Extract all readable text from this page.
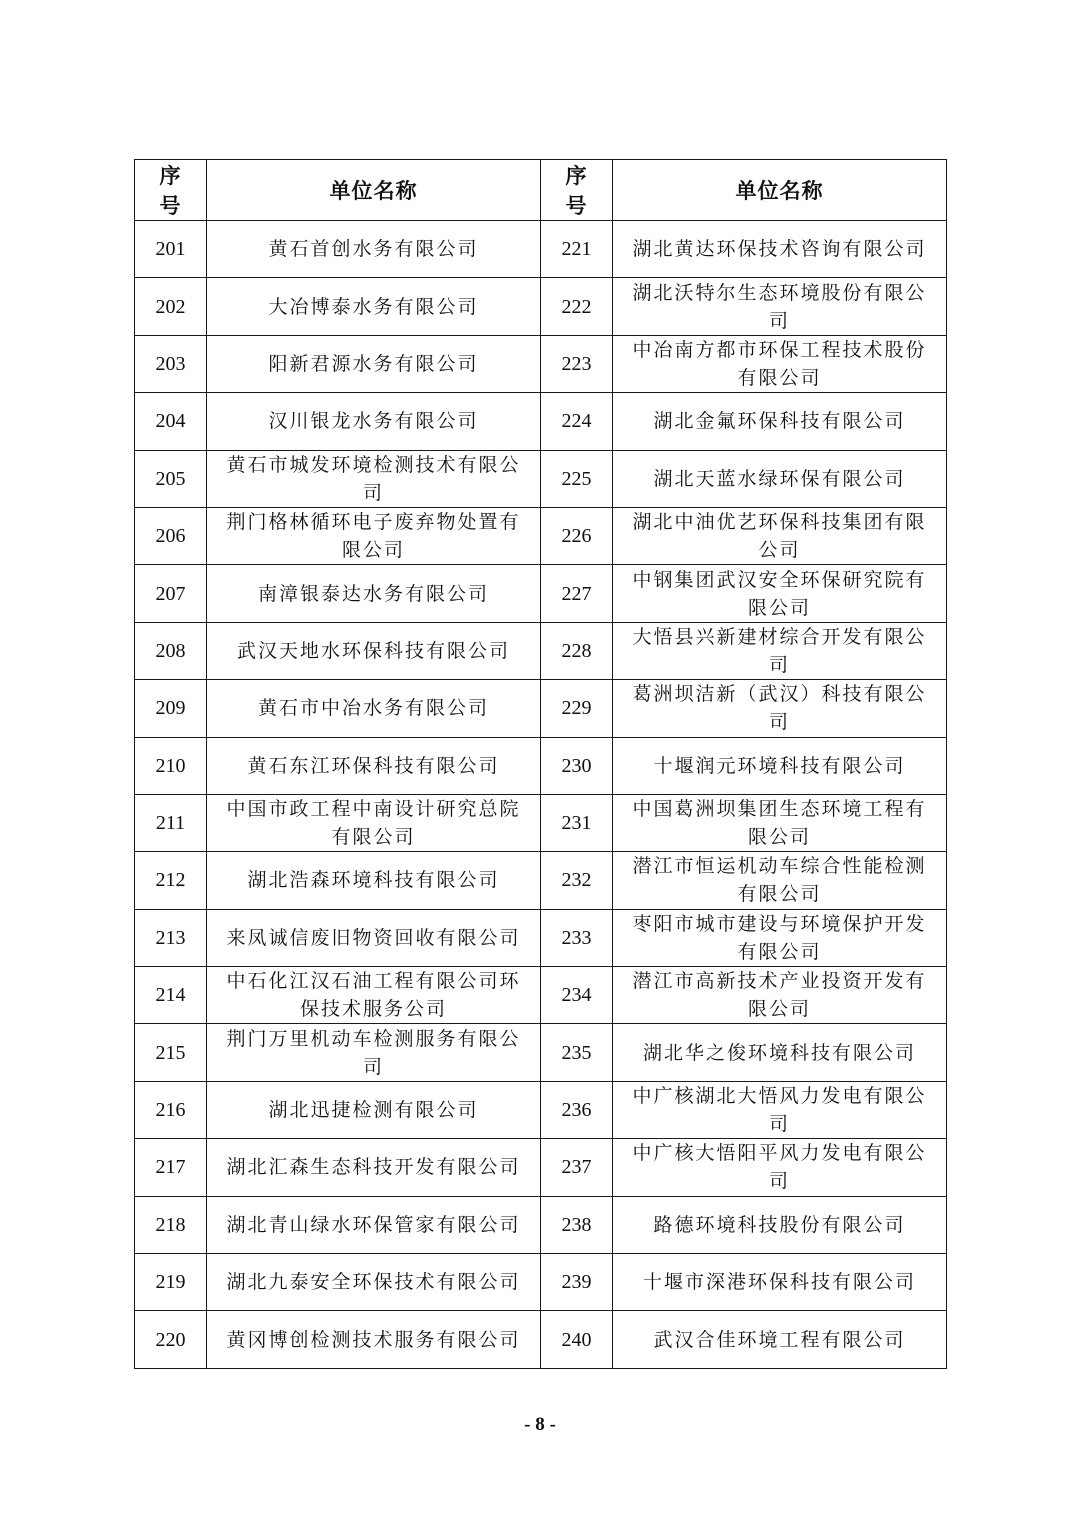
序号	单位名称	序号	单位名称
201	黄石首创水务有限公司	221	湖北黄达环保技术咨询有限公司
202	大冶博泰水务有限公司	222	湖北沃特尔生态环境股份有限公司
203	阳新君源水务有限公司	223	中冶南方都市环保工程技术股份有限公司
204	汉川银龙水务有限公司	224	湖北金氟环保科技有限公司
205	黄石市城发环境检测技术有限公司	225	湖北天蓝水绿环保有限公司
206	荆门格林循环电子废弃物处置有限公司	226	湖北中油优艺环保科技集团有限公司
207	南漳银泰达水务有限公司	227	中钢集团武汉安全环保研究院有限公司
208	武汉天地水环保科技有限公司	228	大悟县兴新建材综合开发有限公司
209	黄石市中冶水务有限公司	229	葛洲坝洁新（武汉）科技有限公司
210	黄石东江环保科技有限公司	230	十堰润元环境科技有限公司
211	中国市政工程中南设计研究总院有限公司	231	中国葛洲坝集团生态环境工程有限公司
212	湖北浩森环境科技有限公司	232	潜江市恒运机动车综合性能检测有限公司
213	来凤诚信废旧物资回收有限公司	233	枣阳市城市建设与环境保护开发有限公司
214	中石化江汉石油工程有限公司环保技术服务公司	234	潜江市高新技术产业投资开发有限公司
215	荆门万里机动车检测服务有限公司	235	湖北华之俊环境科技有限公司
216	湖北迅捷检测有限公司	236	中广核湖北大悟风力发电有限公司
217	湖北汇森生态科技开发有限公司	237	中广核大悟阳平风力发电有限公司
218	湖北青山绿水环保管家有限公司	238	路德环境科技股份有限公司
219	湖北九泰安全环保技术有限公司	239	十堰市深港环保科技有限公司
220	黄冈博创检测技术服务有限公司	240	武汉合佳环境工程有限公司
- 8 -
